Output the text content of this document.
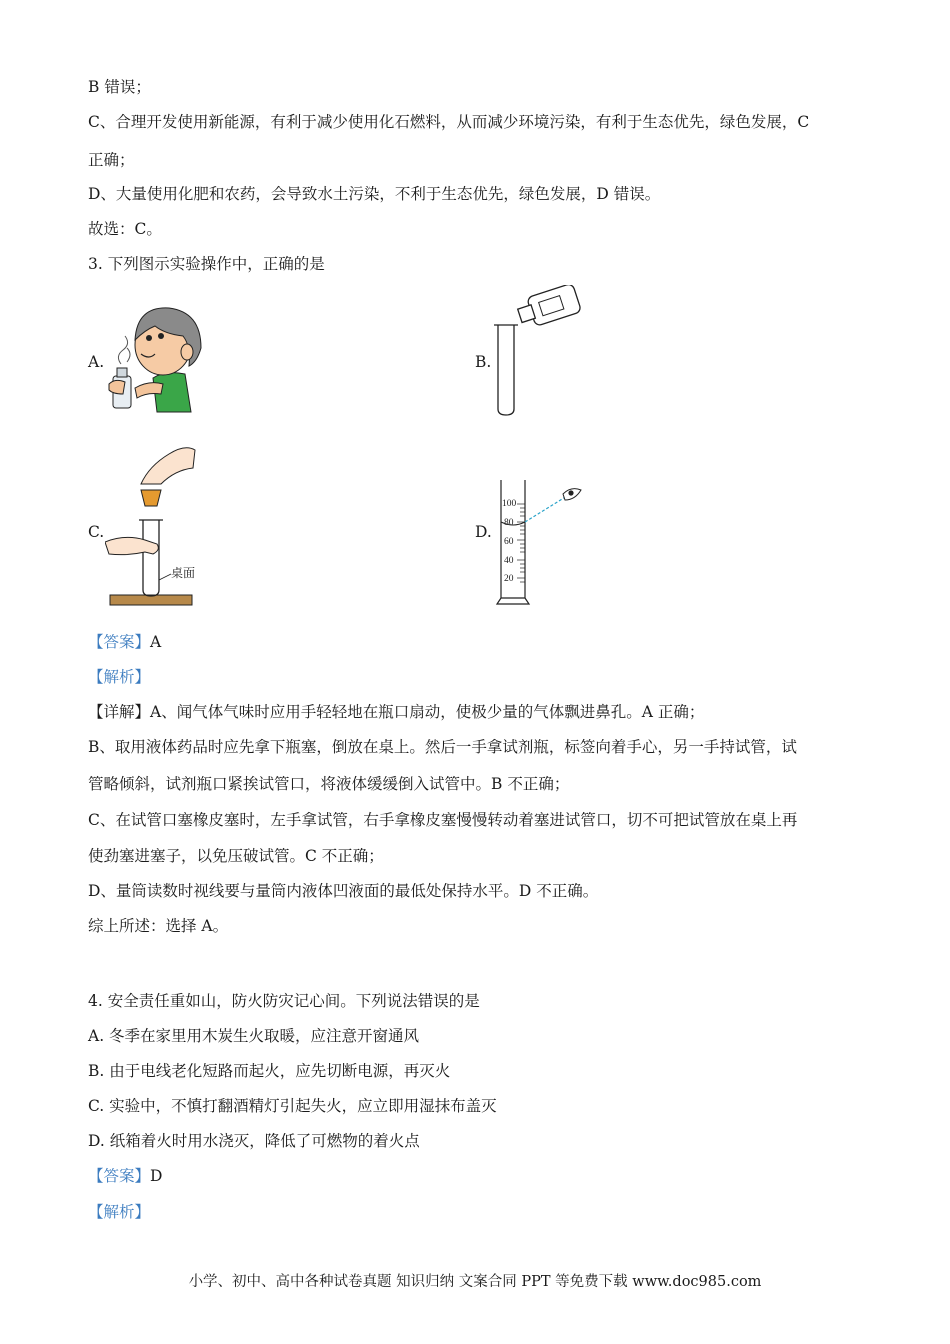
B 错误；
C、合理开发使用新能源，有利于减少使用化石燃料，从而减少环境污染，有利于生态优先，绿色发展，C
正确；
D、大量使用化肥和农药，会导致水土污染，不利于生态优先，绿色发展，D 错误。
故选：C。
3. 下列图示实验操作中，正确的是
A.	B.
C.	D.
桌面
100
80
60
40
20
【答案】A
【解析】
【详解】A、闻气体气味时应用手轻轻地在瓶口扇动，使极少量的气体飘进鼻孔。A 正确；
B、取用液体药品时应先拿下瓶塞，倒放在桌上。然后一手拿试剂瓶，标签向着手心，另一手持试管，试
管略倾斜，试剂瓶口紧挨试管口，将液体缓缓倒入试管中。B 不正确；
C、在试管口塞橡皮塞时，左手拿试管，右手拿橡皮塞慢慢转动着塞进试管口，切不可把试管放在桌上再
使劲塞进塞子，以免压破试管。C 不正确；
D、量筒读数时视线要与量筒内液体凹液面的最低处保持水平。D 不正确。
综上所述：选择 A。
4. 安全责任重如山，防火防灾记心间。下列说法错误的是
A. 冬季在家里用木炭生火取暖，应注意开窗通风
B. 由于电线老化短路而起火，应先切断电源，再灭火
C. 实验中，不慎打翻酒精灯引起失火，应立即用湿抹布盖灭
D. 纸箱着火时用水浇灭，降低了可燃物的着火点
【答案】D
【解析】
小学、初中、高中各种试卷真题 知识归纳 文案合同 PPT 等免费下载 www.doc985.com
